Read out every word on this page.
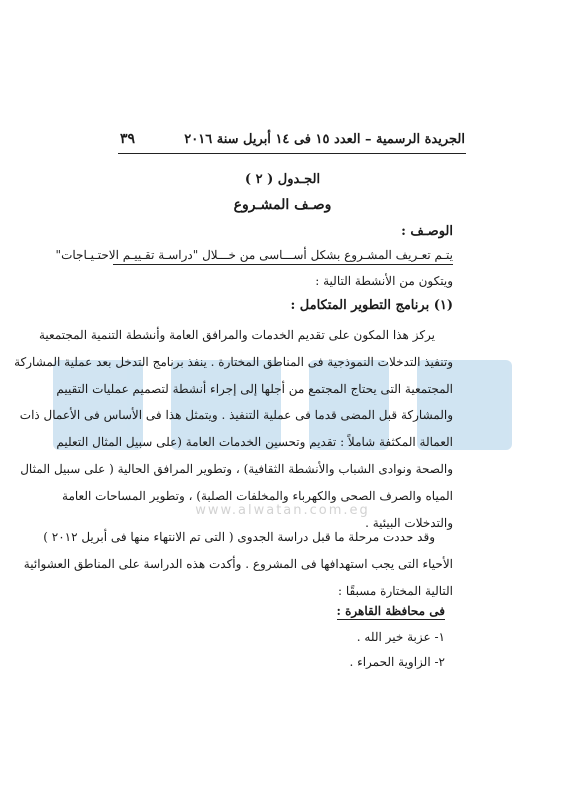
www.alwatan.com.eg
الجريدة الرسمية – العدد ١٥ فى ١٤ أبريل سنة ٢٠١٦
٣٩
الجـدول ( ٢ )
وصـف المشـروع
الوصـف :
يتـم تعـريف المشـروع بشكل أســـاسى من خـــلال "دراسـة تقـييـم الاحتـيـاجات"
ويتكون من الأنشطة التالية :
(١) برنامج التطوير المتكامل :
يركز هذا المكون على تقديم الخدمات والمرافق العامة وأنشطة التنمية المجتمعية
وتنفيذ التدخلات النموذجية فى المناطق المختارة . ينفذ برنامج التدخل بعد عملية المشاركة
المجتمعية التى يحتاج المجتمع من أجلها إلى إجراء أنشطة لتصميم عمليات التقييم
والمشاركة قبل المضى قدما فى عملية التنفيذ . ويتمثل هذا فى الأساس فى الأعمال ذات
العمالة المكثفة شاملاً : تقديم وتحسين الخدمات العامة (على سبيل المثال التعليم
والصحة ونوادى الشباب والأنشطة الثقافية) ، وتطوير المرافق الحالية ( على سبيل المثال
المياه والصرف الصحى والكهرباء والمخلفات الصلبة) ، وتطوير المساحات العامة
والتدخلات البيئية .
وقد حددت مرحلة ما قبل دراسة الجدوى ( التى تم الانتهاء منها فى أبريل ٢٠١٢ )
الأحياء التى يجب استهدافها فى المشروع . وأكدت هذه الدراسة على المناطق العشوائية
التالية المختارة مسبقًا :
فى محافظة القاهرة :
١- عزبة خير الله .
٢- الزاوية الحمراء .
